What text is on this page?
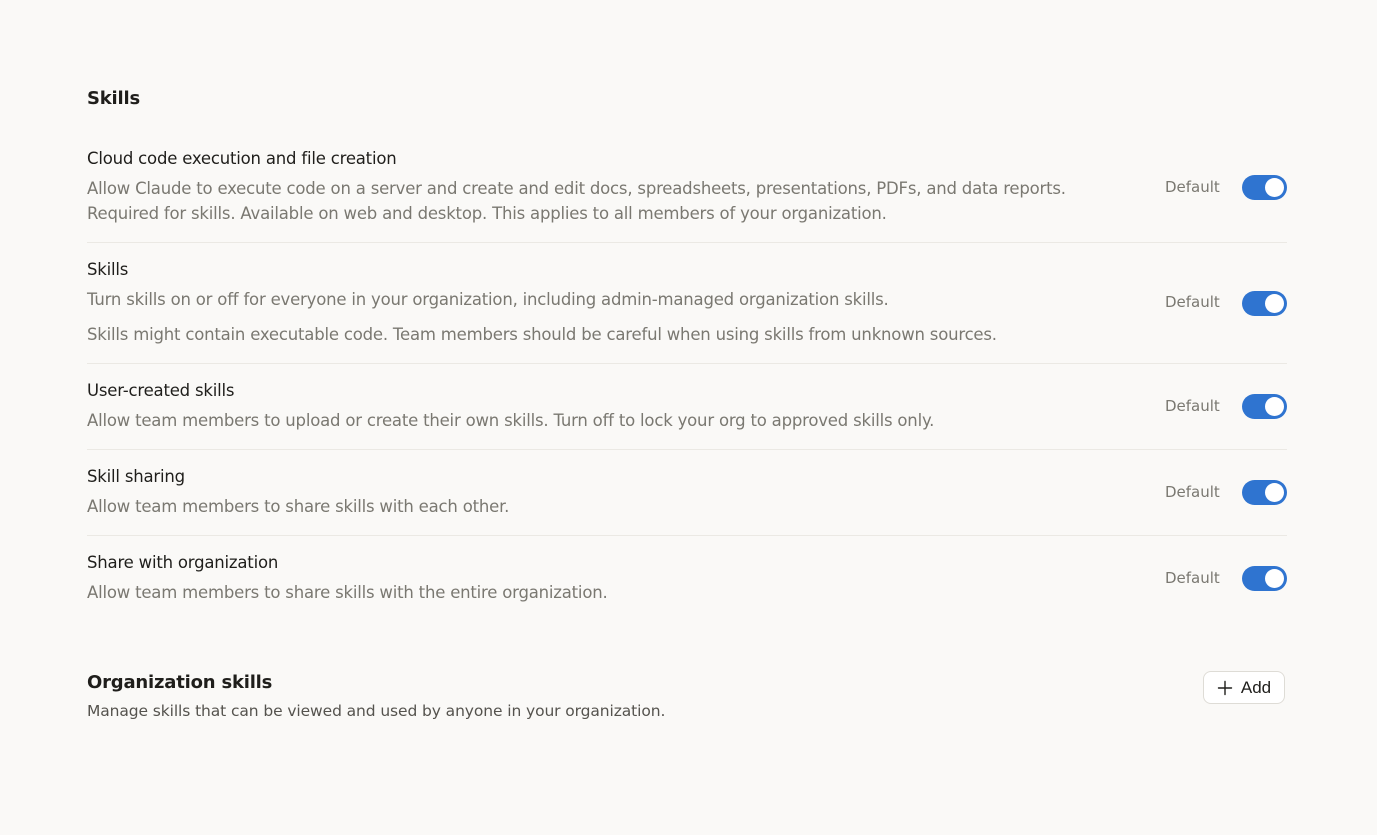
Skills
Cloud code execution and file creation
Allow Claude to execute code on a server and create and edit docs, spreadsheets, presentations, PDFs, and data reports.
Required for skills. Available on web and desktop. This applies to all members of your organization.
Default
Skills
Turn skills on or off for everyone in your organization, including admin-managed organization skills.
Skills might contain executable code. Team members should be careful when using skills from unknown sources.
Default
User-created skills
Allow team members to upload or create their own skills. Turn off to lock your org to approved skills only.
Default
Skill sharing
Allow team members to share skills with each other.
Default
Share with organization
Allow team members to share skills with the entire organization.
Default
Organization skills
Manage skills that can be viewed and used by anyone in your organization.
Add
